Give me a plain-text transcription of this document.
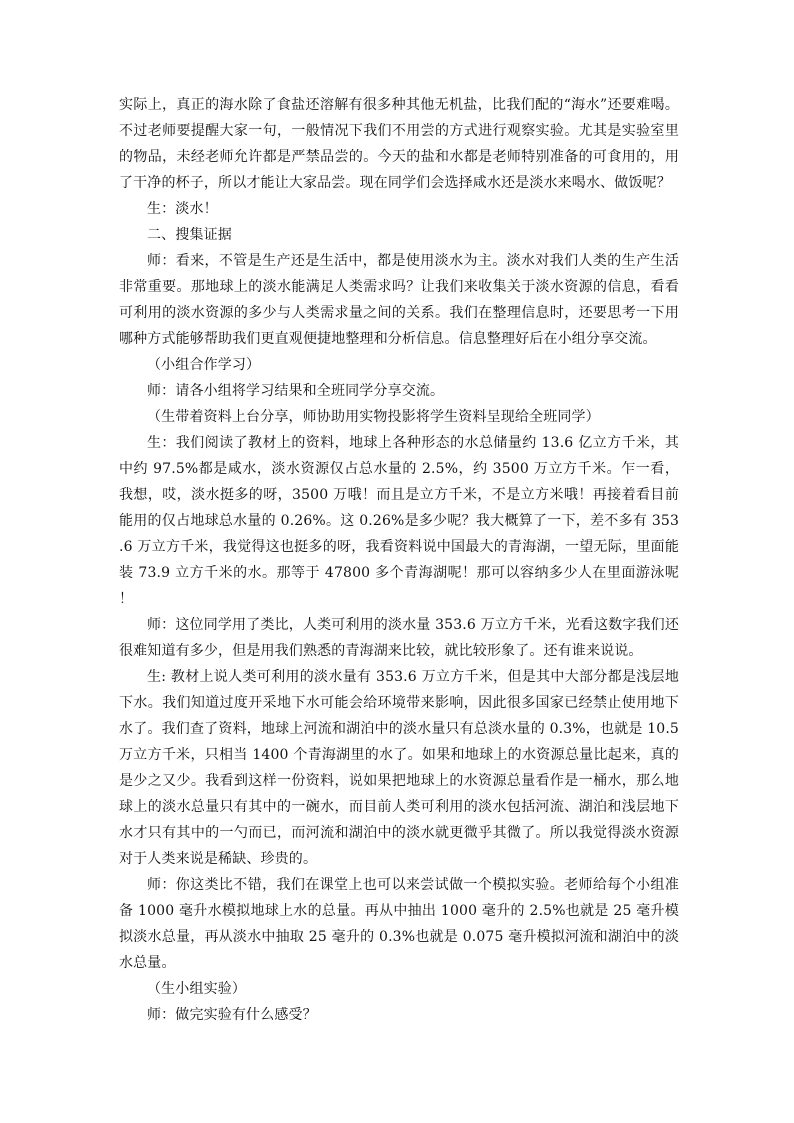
实际上，真正的海水除了食盐还溶解有很多种其他无机盐，比我们配的“海水”还要难喝。不过老师要提醒大家一句，一般情况下我们不用尝的方式进行观察实验。尤其是实验室里的物品，未经老师允许都是严禁品尝的。今天的盐和水都是老师特别准备的可食用的，用了干净的杯子，所以才能让大家品尝。现在同学们会选择咸水还是淡水来喝水、做饭呢？

生：淡水！

二、搜集证据

师：看来，不管是生产还是生活中，都是使用淡水为主。淡水对我们人类的生产生活非常重要。那地球上的淡水能满足人类需求吗？让我们来收集关于淡水资源的信息，看看可利用的淡水资源的多少与人类需求量之间的关系。我们在整理信息时，还要思考一下用哪种方式能够帮助我们更直观便捷地整理和分析信息。信息整理好后在小组分享交流。

（小组合作学习）

师：请各小组将学习结果和全班同学分享交流。

（生带着资料上台分享，师协助用实物投影将学生资料呈现给全班同学）

生：我们阅读了教材上的资料，地球上各种形态的水总储量约 13.6 亿立方千米，其中约 97.5%都是咸水，淡水资源仅占总水量的 2.5%，约 3500 万立方千米。乍一看，我想，哎，淡水挺多的呀，3500 万哦！而且是立方千米，不是立方米哦！再接着看目前能用的仅占地球总水量的 0.26%。这 0.26%是多少呢？我大概算了一下，差不多有 353.6 万立方千米，我觉得这也挺多的呀，我看资料说中国最大的青海湖，一望无际，里面能装 73.9 立方千米的水。那等于 47800 多个青海湖呢！那可以容纳多少人在里面游泳呢！

师：这位同学用了类比，人类可利用的淡水量 353.6 万立方千米，光看这数字我们还很难知道有多少，但是用我们熟悉的青海湖来比较，就比较形象了。还有谁来说说。

生: 教材上说人类可利用的淡水量有 353.6 万立方千米，但是其中大部分都是浅层地下水。我们知道过度开采地下水可能会给环境带来影响，因此很多国家已经禁止使用地下水了。我们查了资料，地球上河流和湖泊中的淡水量只有总淡水量的 0.3%，也就是 10.5 万立方千米，只相当 1400 个青海湖里的水了。如果和地球上的水资源总量比起来，真的是少之又少。我看到这样一份资料，说如果把地球上的水资源总量看作是一桶水，那么地球上的淡水总量只有其中的一碗水，而目前人类可利用的淡水包括河流、湖泊和浅层地下水才只有其中的一勺而已，而河流和湖泊中的淡水就更微乎其微了。所以我觉得淡水资源对于人类来说是稀缺、珍贵的。

师：你这类比不错，我们在课堂上也可以来尝试做一个模拟实验。老师给每个小组准备 1000 毫升水模拟地球上水的总量。再从中抽出 1000 毫升的 2.5%也就是 25 毫升模拟淡水总量，再从淡水中抽取 25 毫升的 0.3%也就是 0.075 毫升模拟河流和湖泊中的淡水总量。

（生小组实验）

师：做完实验有什么感受？
